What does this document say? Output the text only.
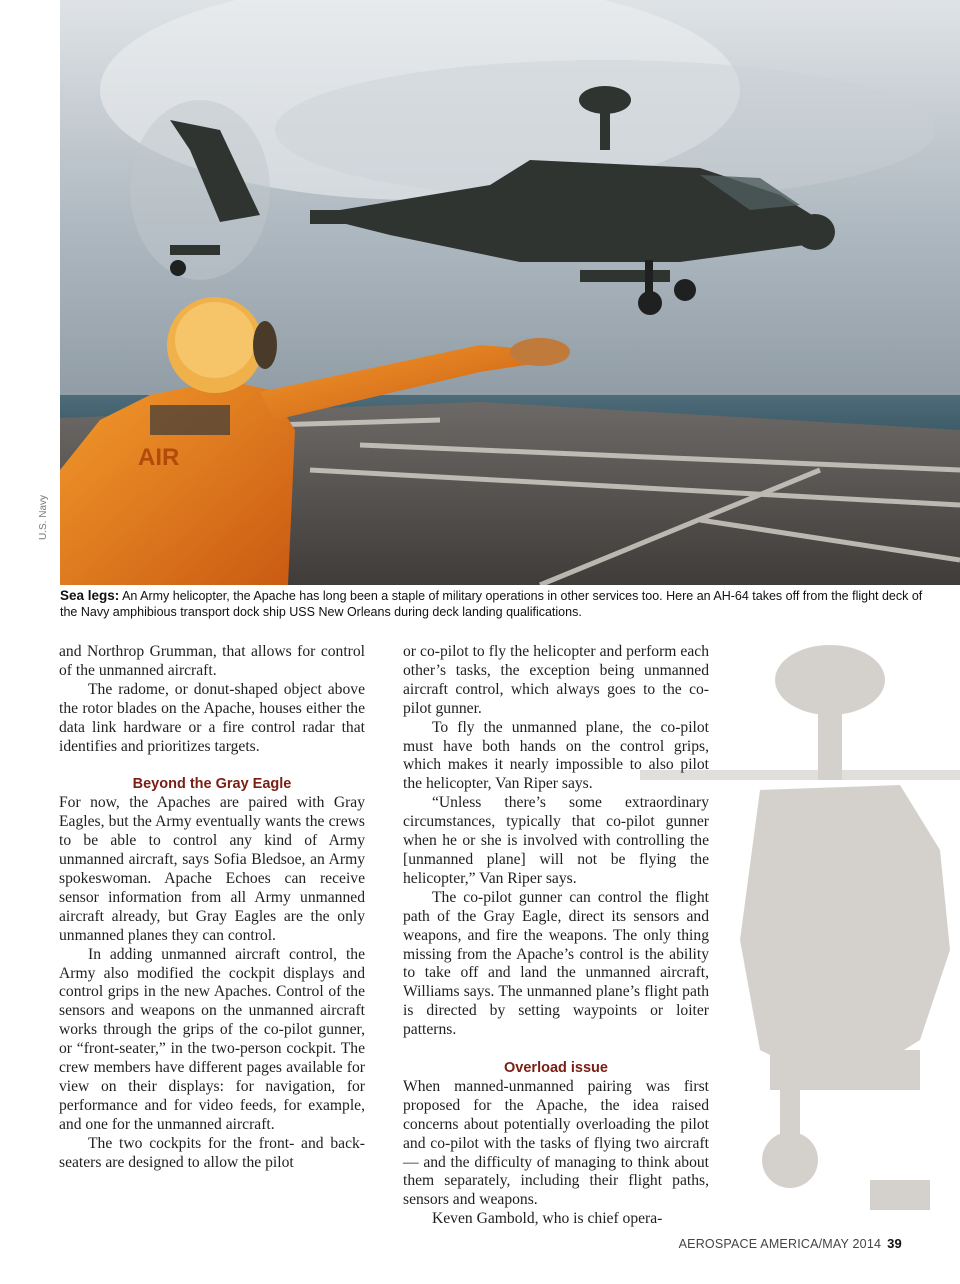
AIR
U.S. Navy
Sea legs: An Army helicopter, the Apache has long been a staple of military operations in other services too. Here an AH-64 takes off from the flight deck of the Navy amphibious transport dock ship USS New Orleans during deck landing qualifications.

and Northrop Grumman, that allows for control of the unmanned aircraft.

The radome, or donut-shaped object above the rotor blades on the Apache, houses either the data link hardware or a fire control radar that identifies and prioritizes targets.

Beyond the Gray Eagle

For now, the Apaches are paired with Gray Eagles, but the Army eventually wants the crews to be able to control any kind of Army unmanned aircraft, says Sofia Bledsoe, an Army spokeswoman. Apache Echoes can receive sensor information from all Army unmanned aircraft already, but Gray Eagles are the only unmanned planes they can control.

In adding unmanned aircraft control, the Army also modified the cockpit displays and control grips in the new Apaches. Control of the sensors and weapons on the unmanned aircraft works through the grips of the co-pilot gunner, or “front-seater,” in the two-person cockpit. The crew members have different pages available for view on their displays: for navigation, for performance and for video feeds, for example, and one for the unmanned aircraft.

The two cockpits for the front- and back-seaters are designed to allow the pilot

or co-pilot to fly the helicopter and perform each other’s tasks, the exception being unmanned aircraft control, which always goes to the co-pilot gunner.

To fly the unmanned plane, the co-pilot must have both hands on the control grips, which makes it nearly impossible to also pilot the helicopter, Van Riper says.

“Unless there’s some extraordinary circumstances, typically that co-pilot gunner when he or she is involved with controlling the [unmanned plane] will not be flying the helicopter,” Van Riper says.

The co-pilot gunner can control the flight path of the Gray Eagle, direct its sensors and weapons, and fire the weapons. The only thing missing from the Apache’s control is the ability to take off and land the unmanned aircraft, Williams says. The unmanned plane’s flight path is directed by setting waypoints or loiter patterns.

Overload issue

When manned-unmanned pairing was first proposed for the Apache, the idea raised concerns about potentially overloading the pilot and co-pilot with the tasks of flying two aircraft — and the difficulty of managing to think about them separately, including their flight paths, sensors and weapons.

Keven Gambold, who is chief opera-

AEROSPACE AMERICA/MAY 2014 39
